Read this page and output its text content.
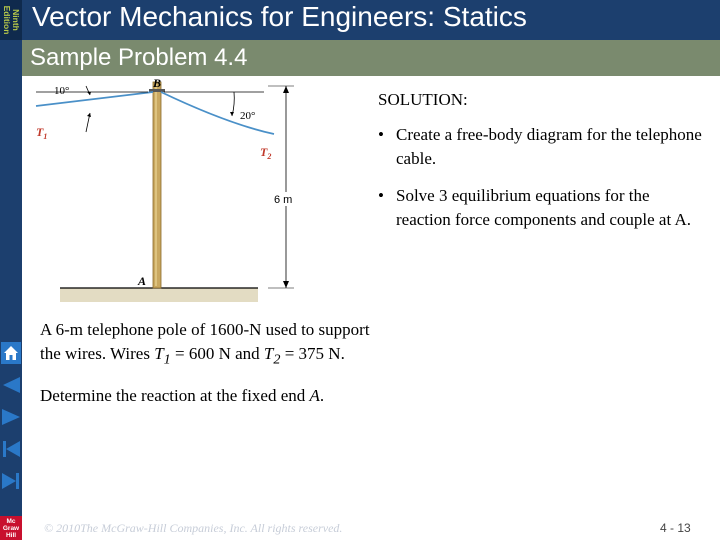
Ninth
Edition Vector Mechanics for Engineers: Statics
Sample Problem 4.4
10°
20°
B
A
$T_1$
$T_2$
6 m
SOLUTION:
• Create a free-body diagram for the telephone cable.
• Solve 3 equilibrium equations for the reaction force components and couple at A.

A 6-m telephone pole of 1600-N used to support the wires. Wires $T_1 = 600$ N and $T_2 = 375$ N.

Determine the reaction at the fixed end A.

Mc
Graw
Hill
© 2010The McGraw-Hill Companies, Inc. All rights reserved.	4 - 13
